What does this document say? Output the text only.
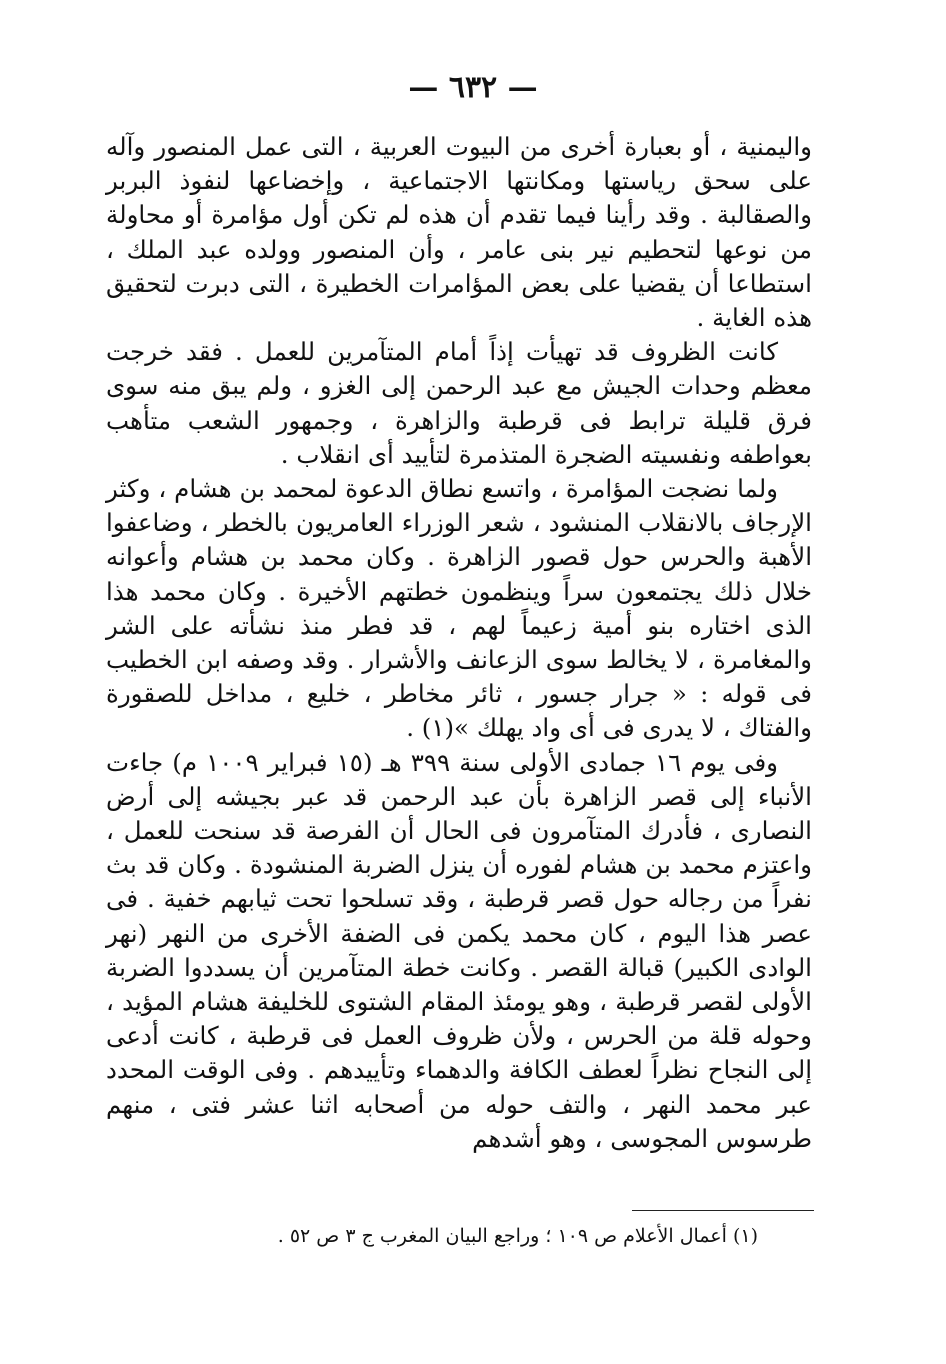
— ٦٣٢ —

واليمنية ، أو بعبارة أخرى من البيوت العربية ، التى عمل المنصور وآله على سحق رياستها ومكانتها الاجتماعية ، وإخضاعها لنفوذ البربر والصقالبة . وقد رأينا فيما تقدم أن هذه لم تكن أول مؤامرة أو محاولة من نوعها لتحطيم نير بنى عامر ، وأن المنصور وولده عبد الملك ، استطاعا أن يقضيا على بعض المؤامرات الخطيرة ، التى دبرت لتحقيق هذه الغاية .

كانت الظروف قد تهيأت إذاً أمام المتآمرين للعمل . فقد خرجت معظم وحدات الجيش مع عبد الرحمن إلى الغزو ، ولم يبق منه سوى فرق قليلة ترابط فى قرطبة والزاهرة ، وجمهور الشعب متأهب بعواطفه ونفسيته الضجرة المتذمرة لتأييد أى انقلاب .

ولما نضجت المؤامرة ، واتسع نطاق الدعوة لمحمد بن هشام ، وكثر الإرجاف بالانقلاب المنشود ، شعر الوزراء العامريون بالخطر ، وضاعفوا الأهبة والحرس حول قصور الزاهرة . وكان محمد بن هشام وأعوانه خلال ذلك يجتمعون سراً وينظمون خطتهم الأخيرة . وكان محمد هذا الذى اختاره بنو أمية زعيماً لهم ، قد فطر منذ نشأته على الشر والمغامرة ، لا يخالط سوى الزعانف والأشرار . وقد وصفه ابن الخطيب فى قوله : « جرار جسور ، ثائر مخاطر ، خليع ، مداخل للصقورة والفتاك ، لا يدرى فى أى واد يهلك »(١) .

وفى يوم ١٦ جمادى الأولى سنة ٣٩٩ هـ (١٥ فبراير ١٠٠٩ م) جاءت الأنباء إلى قصر الزاهرة بأن عبد الرحمن قد عبر بجيشه إلى أرض النصارى ، فأدرك المتآمرون فى الحال أن الفرصة قد سنحت للعمل ، واعتزم محمد بن هشام لفوره أن ينزل الضربة المنشودة . وكان قد بث نفراً من رجاله حول قصر قرطبة ، وقد تسلحوا تحت ثيابهم خفية . فى عصر هذا اليوم ، كان محمد يكمن فى الضفة الأخرى من النهر (نهر الوادى الكبير) قبالة القصر . وكانت خطة المتآمرين أن يسددوا الضربة الأولى لقصر قرطبة ، وهو يومئذ المقام الشتوى للخليفة هشام المؤيد ، وحوله قلة من الحرس ، ولأن ظروف العمل فى قرطبة ، كانت أدعى إلى النجاح نظراً لعطف الكافة والدهماء وتأييدهم . وفى الوقت المحدد عبر محمد النهر ، والتف حوله من أصحابه اثنا عشر فتى ، منهم طرسوس المجوسى ، وهو أشدهم

(١) أعمال الأعلام ص ١٠٩ ؛ وراجع البيان المغرب ج ٣ ص ٥٢ .
